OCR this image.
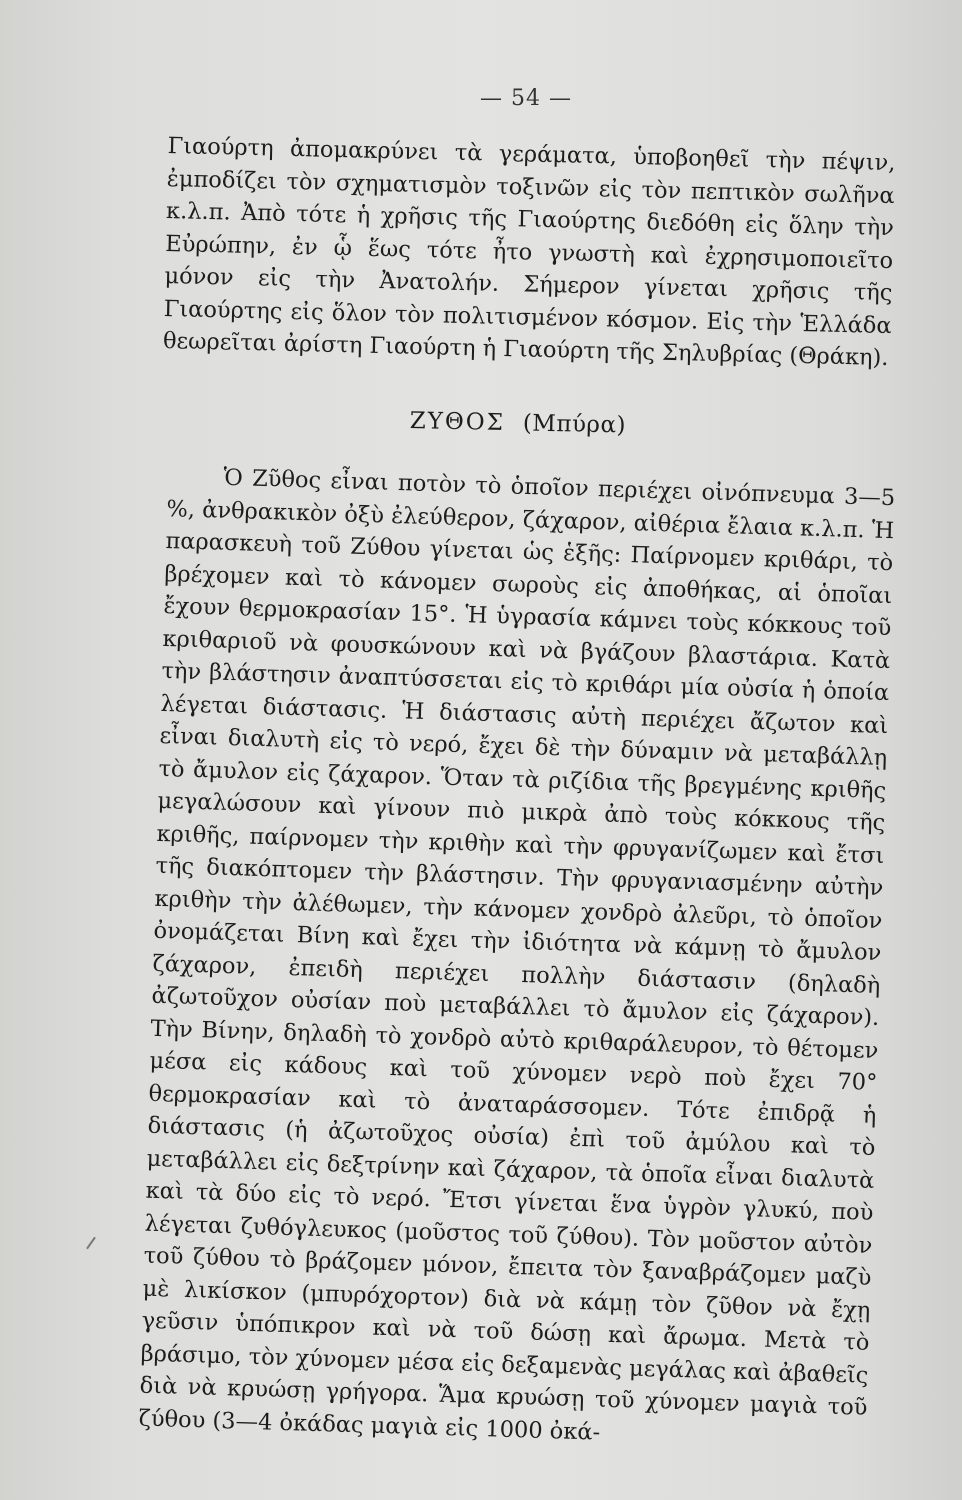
— 54 —

Γιαούρτη ἀπομακρύνει τὰ γεράματα, ὑποβοηθεῖ τὴν πέψιν, ἐμποδίζει τὸν σχηματισμὸν τοξινῶν εἰς τὸν πεπτικὸν σωλῆνα κ.λ.π. Ἀπὸ τότε ἡ χρῆσις τῆς Γιαούρτης διεδόθη εἰς ὅλην τὴν Εὐρώπην, ἐν ᾧ ἕως τότε ἦτο γνωστὴ καὶ ἐχρησιμοποιεῖτο μόνον εἰς τὴν Ἀνατολήν. Σήμερον γίνεται χρῆσις τῆς Γιαούρτης εἰς ὅλον τὸν πολιτισμένον κόσμον. Εἰς τὴν Ἑλλάδα θεωρεῖται ἀρίστη Γιαούρτη ἡ Γιαούρτη τῆς Σηλυβρίας (Θράκη).

ΖΥΘΟΣ (Μπύρα)

Ὁ Ζῦθος εἶναι ποτὸν τὸ ὁποῖον περιέχει οἰνόπνευμα 3—5 %, ἀνθρακικὸν ὀξὺ ἐλεύθερον, ζάχαρον, αἰθέρια ἔλαια κ.λ.π. Ἡ παρασκευὴ τοῦ Ζύθου γίνεται ὡς ἑξῆς: Παίρνομεν κριθάρι, τὸ βρέχομεν καὶ τὸ κάνομεν σωροὺς εἰς ἀποθήκας, αἱ ὁποῖαι ἔχουν θερμοκρασίαν 15°. Ἡ ὑγρασία κάμνει τοὺς κόκκους τοῦ κριθαριοῦ νὰ φουσκώνουν καὶ νὰ βγάζουν βλαστάρια. Κατὰ τὴν βλάστησιν ἀναπτύσσεται εἰς τὸ κριθάρι μία οὐσία ἡ ὁποία λέγεται διάστασις. Ἡ διάστασις αὐτὴ περιέχει ἄζωτον καὶ εἶναι διαλυτὴ εἰς τὸ νερό, ἔχει δὲ τὴν δύναμιν νὰ μεταβάλλῃ τὸ ἄμυλον εἰς ζάχαρον. Ὅταν τὰ ριζίδια τῆς βρεγμένης κριθῆς μεγαλώσουν καὶ γίνουν πιὸ μικρὰ ἀπὸ τοὺς κόκκους τῆς κριθῆς, παίρνομεν τὴν κριθὴν καὶ τὴν φρυγανίζωμεν καὶ ἔτσι τῆς διακόπτομεν τὴν βλάστησιν. Τὴν φρυγανιασμένην αὐτὴν κριθὴν τὴν ἀλέθωμεν, τὴν κάνομεν χονδρὸ ἀλεῦρι, τὸ ὁποῖον ὀνομάζεται Βίνη καὶ ἔχει τὴν ἰδιότητα νὰ κάμνῃ τὸ ἄμυλον ζάχαρον, ἐπειδὴ περιέχει πολλὴν διάστασιν (δηλαδὴ ἀζωτοῦχον οὐσίαν ποὺ μεταβάλλει τὸ ἄμυλον εἰς ζάχαρον). Τὴν Βίνην, δηλαδὴ τὸ χονδρὸ αὐτὸ κριθαράλευρον, τὸ θέτομεν μέσα εἰς κάδους καὶ τοῦ χύνομεν νερὸ ποὺ ἔχει 70° θερμοκρασίαν καὶ τὸ ἀναταράσσομεν. Τότε ἐπιδρᾷ ἡ διάστασις (ἡ ἀζωτοῦχος οὐσία) ἐπὶ τοῦ ἀμύλου καὶ τὸ μεταβάλλει εἰς δεξτρίνην καὶ ζάχαρον, τὰ ὁποῖα εἶναι διαλυτὰ καὶ τὰ δύο εἰς τὸ νερό. Ἔτσι γίνεται ἕνα ὑγρὸν γλυκύ, ποὺ λέγεται ζυθόγλευκος (μοῦστος τοῦ ζύθου). Τὸν μοῦστον αὐτὸν τοῦ ζύθου τὸ βράζομεν μόνον, ἔπειτα τὸν ξαναβράζομεν μαζὺ μὲ λικίσκον (μπυρόχορτον) διὰ νὰ κάμῃ τὸν ζῦθον νὰ ἔχῃ γεῦσιν ὑπόπικρον καὶ νὰ τοῦ δώσῃ καὶ ἄρωμα. Μετὰ τὸ βράσιμο, τὸν χύνομεν μέσα εἰς δεξαμενὰς μεγάλας καὶ ἀβαθεῖς διὰ νὰ κρυώσῃ γρήγορα. Ἅμα κρυώσῃ τοῦ χύνομεν μαγιὰ τοῦ ζύθου (3—4 ὀκάδας μαγιὰ εἰς 1000 ὀκά-
